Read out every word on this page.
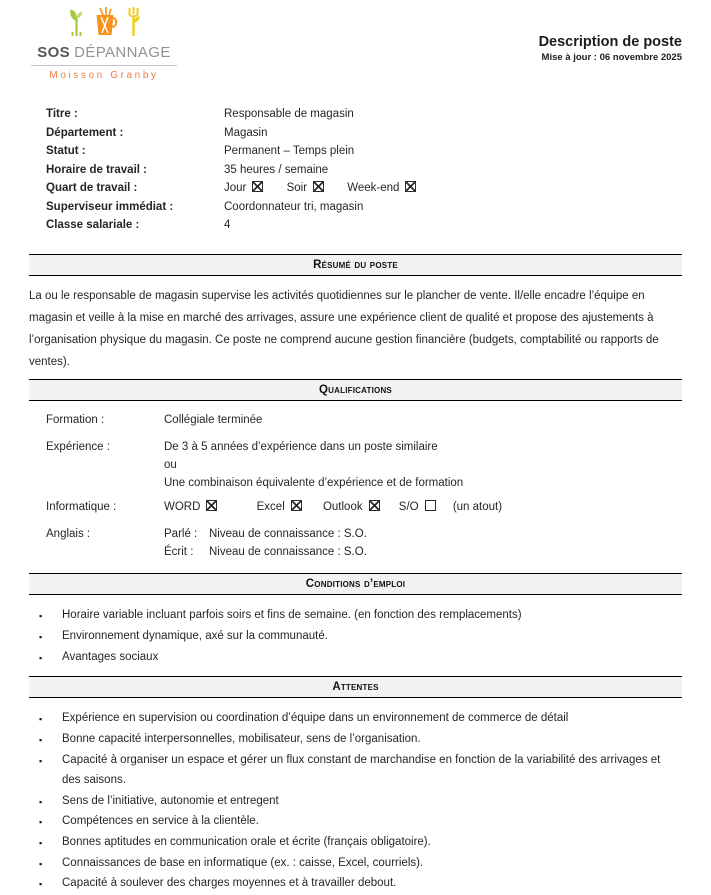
SOS DÉPANNAGE
Moisson Granby
Description de poste
Mise à jour : 06 novembre 2025
Titre :	Responsable de magasin
Département :	Magasin
Statut :	Permanent – Temps plein
Horaire de travail :	35 heures / semaine
Quart de travail :	Jour	Soir	Week-end
Superviseur immédiat :	Coordonnateur tri, magasin
Classe salariale :	4
Résumé du poste
La ou le responsable de magasin supervise les activités quotidiennes sur le plancher de vente. Il/elle encadre l’équipe en magasin et veille à la mise en marché des arrivages, assure une expérience client de qualité et propose des ajustements à l’organisation physique du magasin. Ce poste ne comprend aucune gestion financière (budgets, comptabilité ou rapports de ventes).
Qualifications
Formation :	Collégiale terminée
Expérience :	De 3 à 5 années d’expérience dans un poste similaire
ou
Une combinaison équivalente d’expérience et de formation
Informatique :	WORD	Excel	Outlook	S/O	(un atout)
Anglais :	Parlé :	Niveau de connaissance : S.O.
Écrit :	Niveau de connaissance : S.O.
Conditions d’emploi
▪ Horaire variable incluant parfois soirs et fins de semaine. (en fonction des remplacements)
▪ Environnement dynamique, axé sur la communauté.
▪ Avantages sociaux
Attentes
▪ Expérience en supervision ou coordination d’équipe dans un environnement de commerce de détail
▪ Bonne capacité interpersonnelles, mobilisateur, sens de l’organisation.
▪ Capacité à organiser un espace et gérer un flux constant de marchandise en fonction de la variabilité des arrivages et des saisons.
▪ Sens de l’initiative, autonomie et entregent
▪ Compétences en service à la clientèle.
▪ Bonnes aptitudes en communication orale et écrite (français obligatoire).
▪ Connaissances de base en informatique (ex. : caisse, Excel, courriels).
▪ Capacité à soulever des charges moyennes et à travailler debout.
